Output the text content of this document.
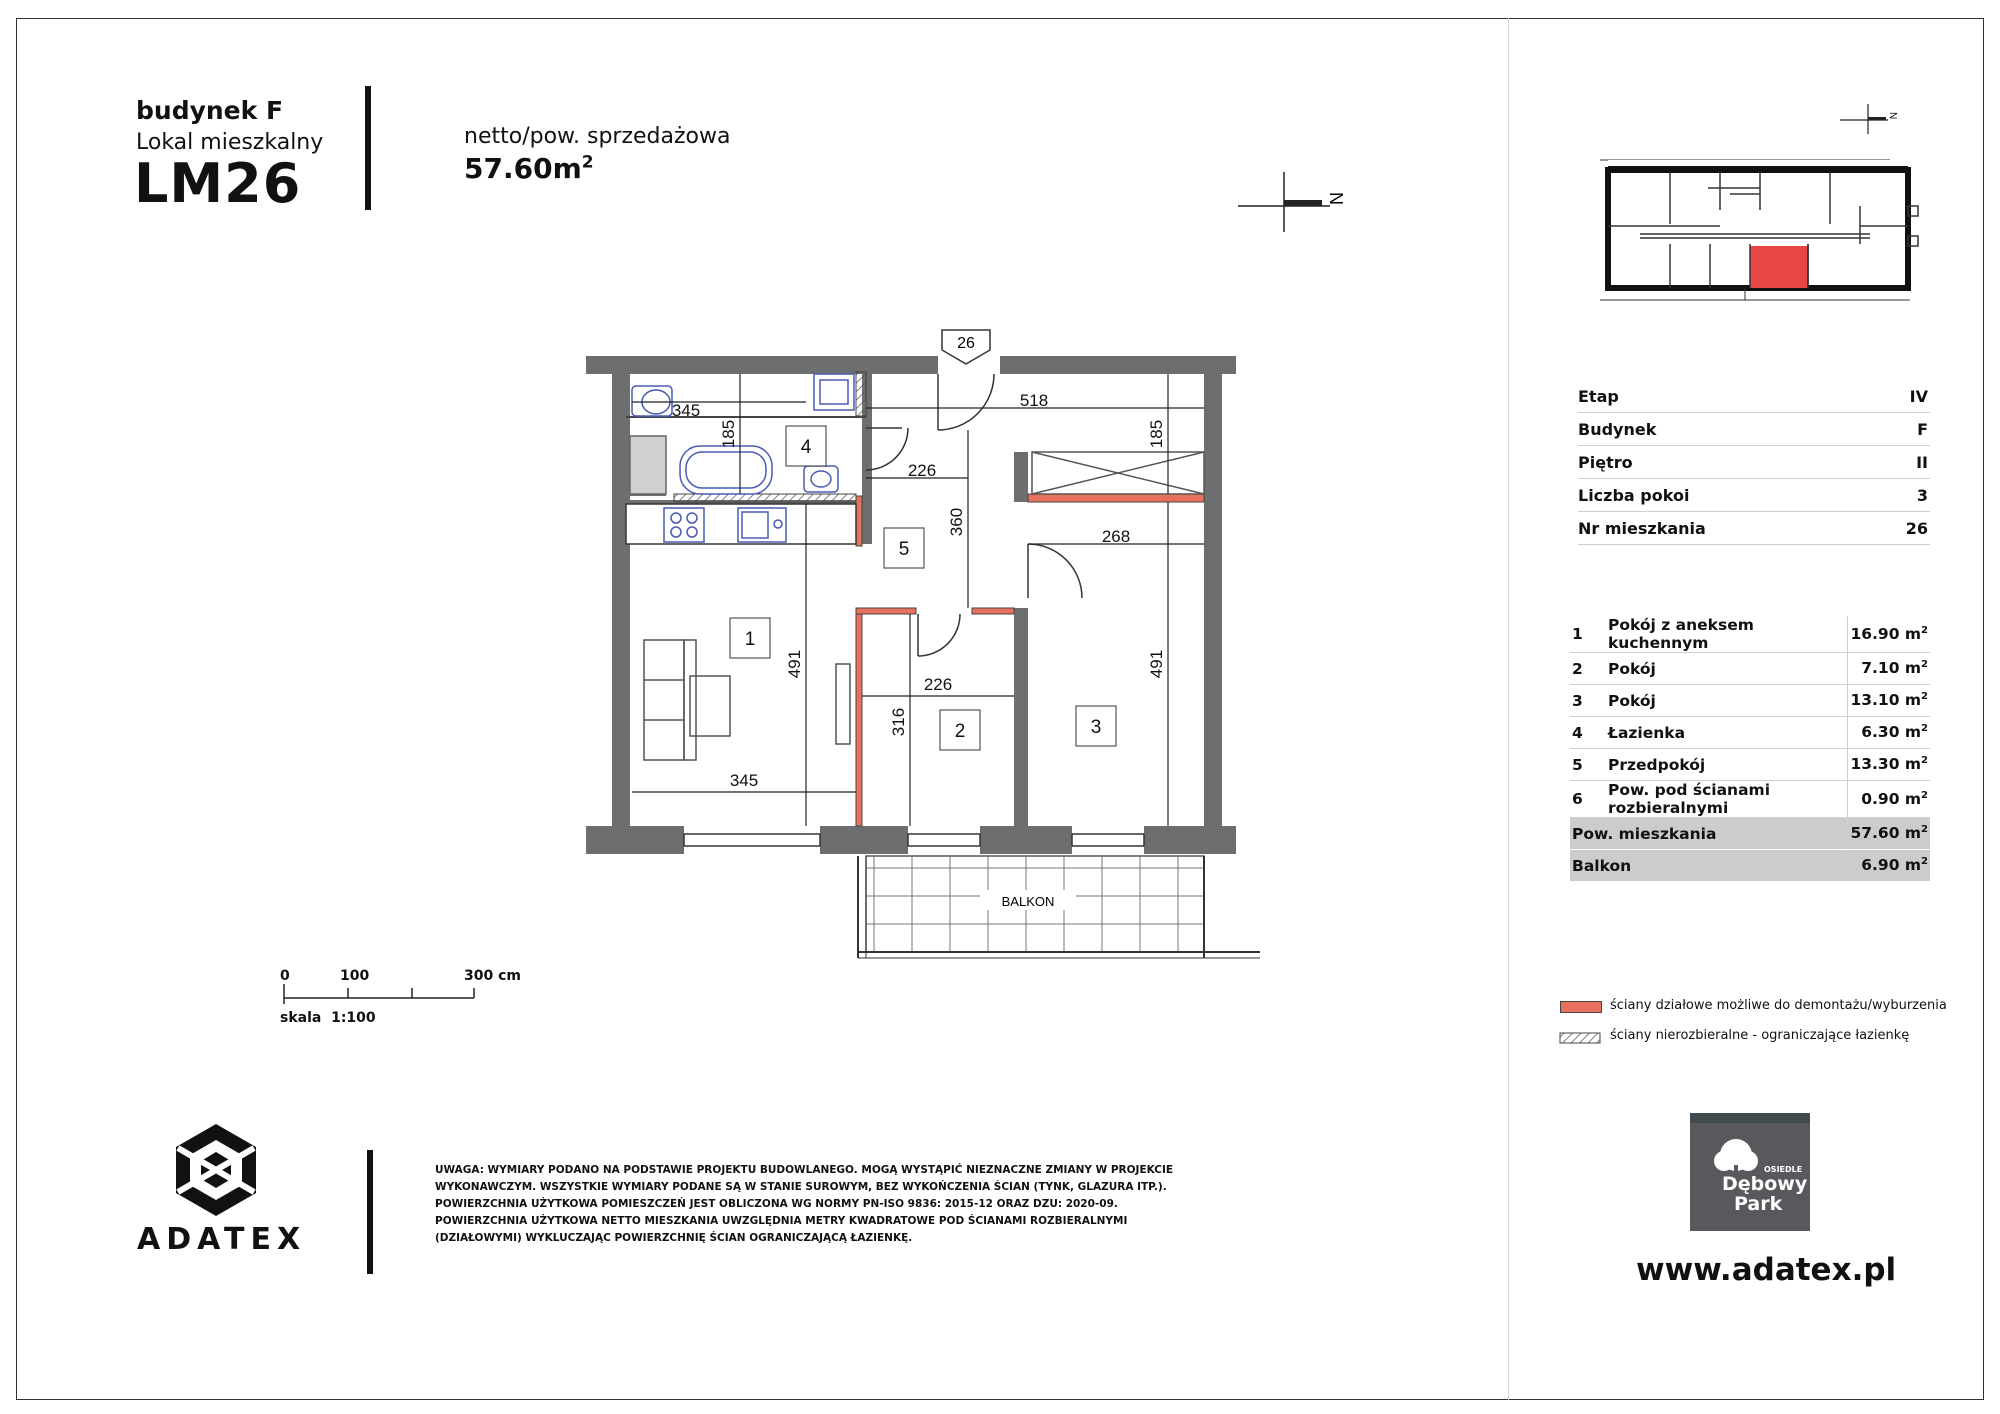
budynek F
Lokal mieszkalny
LM26
netto/pow. sprzedażowa
$57.60m^2$
N
26
345
185
518
185
226
360
268
491
226
316
491
345
1
2	3
4
5
BALKON
N
0	100	300 cm
skala  1:100
Etap	IV
Budynek	F
Piętro	II
Liczba pokoi	3
Nr mieszkania	26
1	Pokój z aneksem kuchennym	16.90 $m^2$
2	Pokój	7.10 $m^2$
3	Pokój	13.10 $m^2$
4	Łazienka	6.30 $m^2$
5	Przedpokój	13.30 $m^2$
6	Pow. pod ścianami rozbieralnymi	0.90 $m^2$
Pow. mieszkania		57.60 $m^2$
Balkon		6.90 $m^2$
ściany działowe możliwe do demontażu/wyburzenia
ściany nierozbieralne - ograniczające łazienkę
UWAGA: WYMIARY PODANO NA PODSTAWIE PROJEKTU BUDOWLANEGO. MOGĄ WYSTĄPIĆ NIEZNACZNE ZMIANY W PROJEKCIE
WYKONAWCZYM. WSZYSTKIE WYMIARY PODANE SĄ W STANIE SUROWYM, BEZ WYKOŃCZENIA ŚCIAN (TYNK, GLAZURA ITP.).
POWIERZCHNIA UŻYTKOWA POMIESZCZEŃ JEST OBLICZONA WG NORMY PN-ISO 9836: 2015-12 ORAZ DZU: 2020-09.
POWIERZCHNIA UŻYTKOWA NETTO MIESZKANIA UWZGLĘDNIA METRY KWADRATOWE POD ŚCIANAMI ROZBIERALNYMI
(DZIAŁOWYMI) WYKLUCZAJĄC POWIERZCHNIĘ ŚCIAN OGRANICZAJĄCĄ ŁAZIENKĘ.
ADATEX
OSIEDLE
Dębowy
Park
www.adatex.pl
